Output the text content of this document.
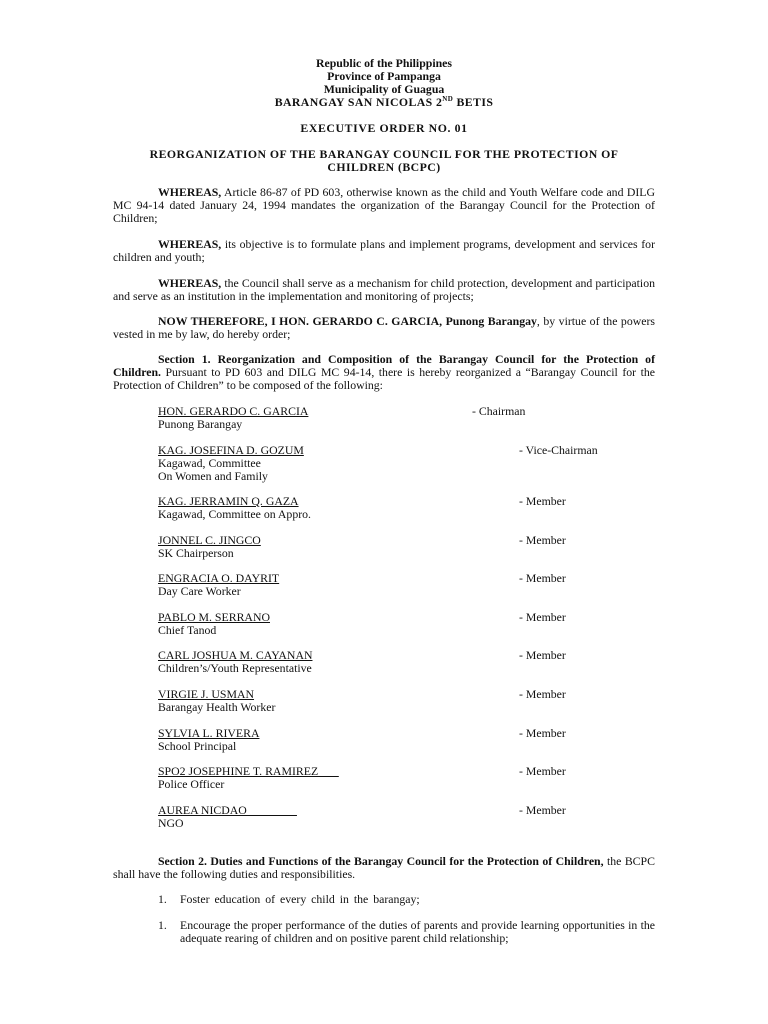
Republic of the Philippines
Province of Pampanga
Municipality of Guagua
BARANGAY SAN NICOLAS 2ND BETIS
EXECUTIVE ORDER NO. 01
REORGANIZATION OF THE BARANGAY COUNCIL FOR THE PROTECTION OF
CHILDREN (BCPC)
WHEREAS, Article 86-87 of PD 603, otherwise known as the child and Youth Welfare code and DILG MC 94-14 dated January 24, 1994 mandates the organization of the Barangay Council for the Protection of Children;
WHEREAS, its objective is to formulate plans and implement programs, development and services for children and youth;
WHEREAS, the Council shall serve as a mechanism for child protection, development and participation and serve as an institution in the implementation and monitoring of projects;
NOW THEREFORE, I HON. GERARDO C. GARCIA, Punong Barangay, by virtue of the powers vested in me by law, do hereby order;
Section 1. Reorganization and Composition of the Barangay Council for the Protection of Children. Pursuant to PD 603 and DILG MC 94-14, there is hereby reorganized a “Barangay Council for the Protection of Children” to be composed of the following:
HON. GERARDO C. GARCIA	- Chairman
Punong Barangay
KAG. JOSEFINA D. GOZUM	- Vice-Chairman
Kagawad, Committee
On Women and Family
KAG. JERRAMIN Q. GAZA	- Member
Kagawad, Committee on Appro.
JONNEL C. JINGCO	- Member
SK Chairperson
ENGRACIA O. DAYRIT	- Member
Day Care Worker
PABLO M. SERRANO	- Member
Chief Tanod
CARL JOSHUA M. CAYANAN	- Member
Children’s/Youth Representative
VIRGIE J. USMAN	- Member
Barangay Health Worker
SYLVIA L. RIVERA	- Member
School Principal
SPO2 JOSEPHINE T. RAMIREZ	- Member
Police Officer
AUREA NICDAO	- Member
NGO
Section 2. Duties and Functions of the Barangay Council for the Protection of Children, the BCPC shall have the following duties and responsibilities.
1. Foster education of every child in the barangay;
1. Encourage the proper performance of the duties of parents and provide learning opportunities in the adequate rearing of children and on positive parent child relationship;
